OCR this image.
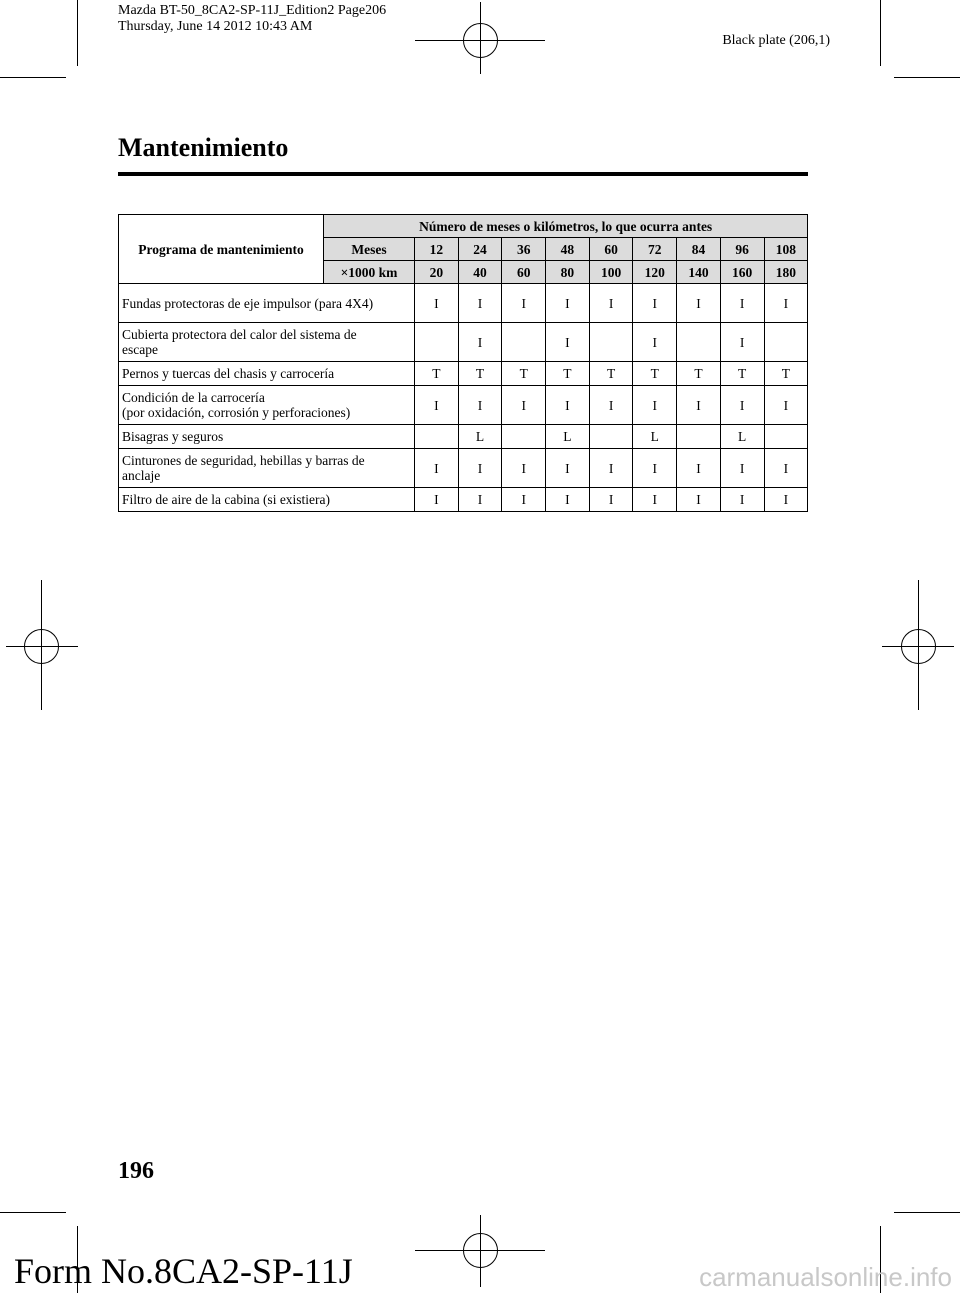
Mazda BT-50_8CA2-SP-11J_Edition2 Page206
Thursday, June 14 2012 10:43 AM
Black plate (206,1)
Mantenimiento
Programa de mantenimiento	Número de meses o kilómetros, lo que ocurra antes									
	Meses	12	24	36	48	60	72	84	96	108
	×1000 km	20	40	60	80	100	120	140	160	180
Fundas protectoras de eje impulsor (para 4X4)		I	I	I	I	I	I	I	I	I
Cubierta protectora del calor del sistema de escape			I		I		I		I	
Pernos y tuercas del chasis y carrocería		T	T	T	T	T	T	T	T	T
Condición de la carrocería
(por oxidación, corrosión y perforaciones)		I	I	I	I	I	I	I	I	I
Bisagras y seguros			L		L		L		L	
Cinturones de seguridad, hebillas y barras de anclaje		I	I	I	I	I	I	I	I	I
Filtro de aire de la cabina (si existiera)		I	I	I	I	I	I	I	I	I
196
Form No.8CA2-SP-11J	carmanualsonline.info
